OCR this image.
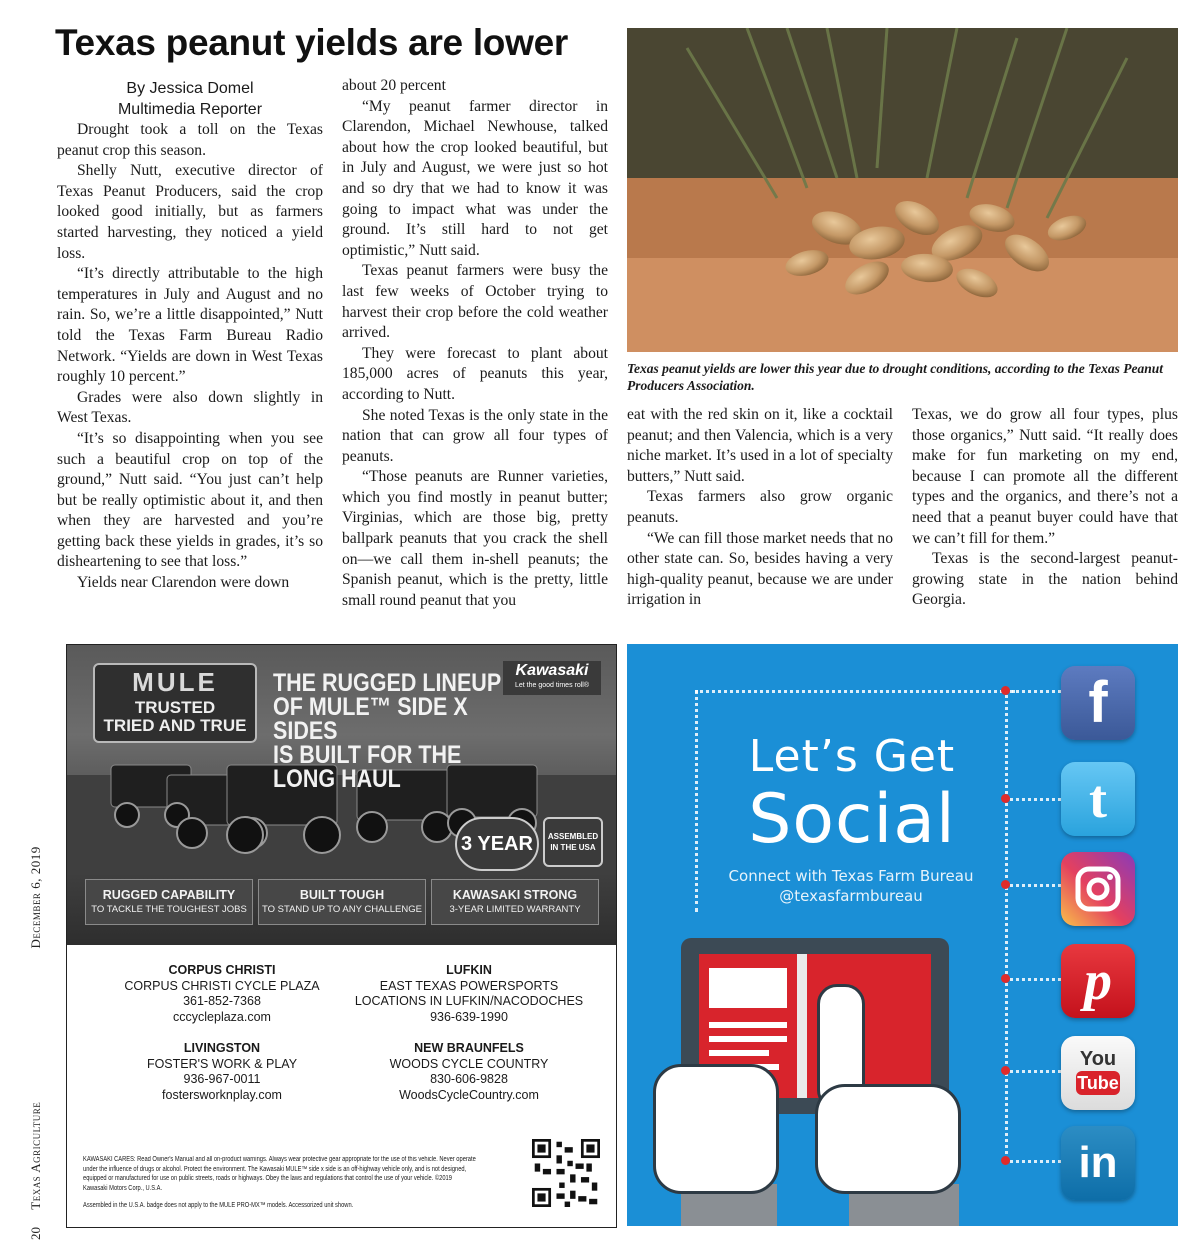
20 Texas Agriculture December 6, 2019
Texas peanut yields are lower
By Jessica Domel
Multimedia Reporter

Drought took a toll on the Texas peanut crop this season.

Shelly Nutt, executive director of Texas Peanut Producers, said the crop looked good initially, but as farmers started harvesting, they noticed a yield loss.

“It’s directly attributable to the high temperatures in July and August and no rain. So, we’re a little disappointed,” Nutt told the Texas Farm Bureau Radio Network. “Yields are down in West Texas roughly 10 percent.”

Grades were also down slightly in West Texas.

“It’s so disappointing when you see such a beautiful crop on top of the ground,” Nutt said. “You just can’t help but be really optimistic about it, and then when they are harvested and you’re getting back these yields in grades, it’s so disheartening to see that loss.”

Yields near Clarendon were down

about 20 percent

“My peanut farmer director in Clarendon, Michael Newhouse, talked about how the crop looked beautiful, but in July and August, we were just so hot and so dry that we had to know it was going to impact what was under the ground. It’s still hard to not get optimistic,” Nutt said.

Texas peanut farmers were busy the last few weeks of October trying to harvest their crop before the cold weather arrived.

They were forecast to plant about 185,000 acres of peanuts this year, according to Nutt.

She noted Texas is the only state in the nation that can grow all four types of peanuts.

“Those peanuts are Runner varieties, which you find mostly in peanut butter; Virginias, which are those big, pretty ballpark peanuts that you crack the shell on—we call them in-shell peanuts; the Spanish peanut, which is the pretty, little small round peanut that you

Texas peanut yields are lower this year due to drought conditions, according to the Texas Peanut Producers Association.

eat with the red skin on it, like a cocktail peanut; and then Valencia, which is a very niche market. It’s used in a lot of specialty butters,” Nutt said.

Texas farmers also grow organic peanuts.

“We can fill those market needs that no other state can. So, besides having a very high-quality peanut, because we are under irrigation in

Texas, we do grow all four types, plus those organics,” Nutt said. “It really does make for fun marketing on my end, because I can promote all the different types and the organics, and there’s not a need that a peanut buyer could have that we can’t fill for them.”

Texas is the second-largest peanut-growing state in the nation behind Georgia.

MULE
TRUSTED
TRIED AND TRUE
THE RUGGED LINEUP
OF MULE™ SIDE X SIDES
IS BUILT FOR THE LONG HAUL
Kawasaki
Let the good times roll®
3 YEAR	ASSEMBLED IN THE USA
RUGGED CAPABILITY
TO TACKLE THE TOUGHEST JOBS
BUILT TOUGH
TO STAND UP TO ANY CHALLENGE
KAWASAKI STRONG
3-YEAR LIMITED WARRANTY
CORPUS CHRISTI
CORPUS CHRISTI CYCLE PLAZA
361-852-7368
cccycleplaza.com
LUFKIN
EAST TEXAS POWERSPORTS
LOCATIONS IN LUFKIN/NACODOCHES
936-639-1990
LIVINGSTON
FOSTER'S WORK & PLAY
936-967-0011
fostersworknplay.com
NEW BRAUNFELS
WOODS CYCLE COUNTRY
830-606-9828
WoodsCycleCountry.com
KAWASAKI CARES: Read Owner's Manual and all on-product warnings. Always wear protective gear appropriate for the use of this vehicle. Never operate under the influence of drugs or alcohol. Protect the environment. The Kawasaki MULE™ side x side is an off-highway vehicle only, and is not designed, equipped or manufactured for use on public streets, roads or highways. Obey the laws and regulations that control the use of your vehicle. ©2019 Kawasaki Motors Corp., U.S.A.
Assembled in the U.S.A. badge does not apply to the MULE PRO-MX™ models. Accessorized unit shown.
Let’s Get
Social
Connect with Texas Farm Bureau
@texasfarmbureau
f
t
p
You
Tube
in
